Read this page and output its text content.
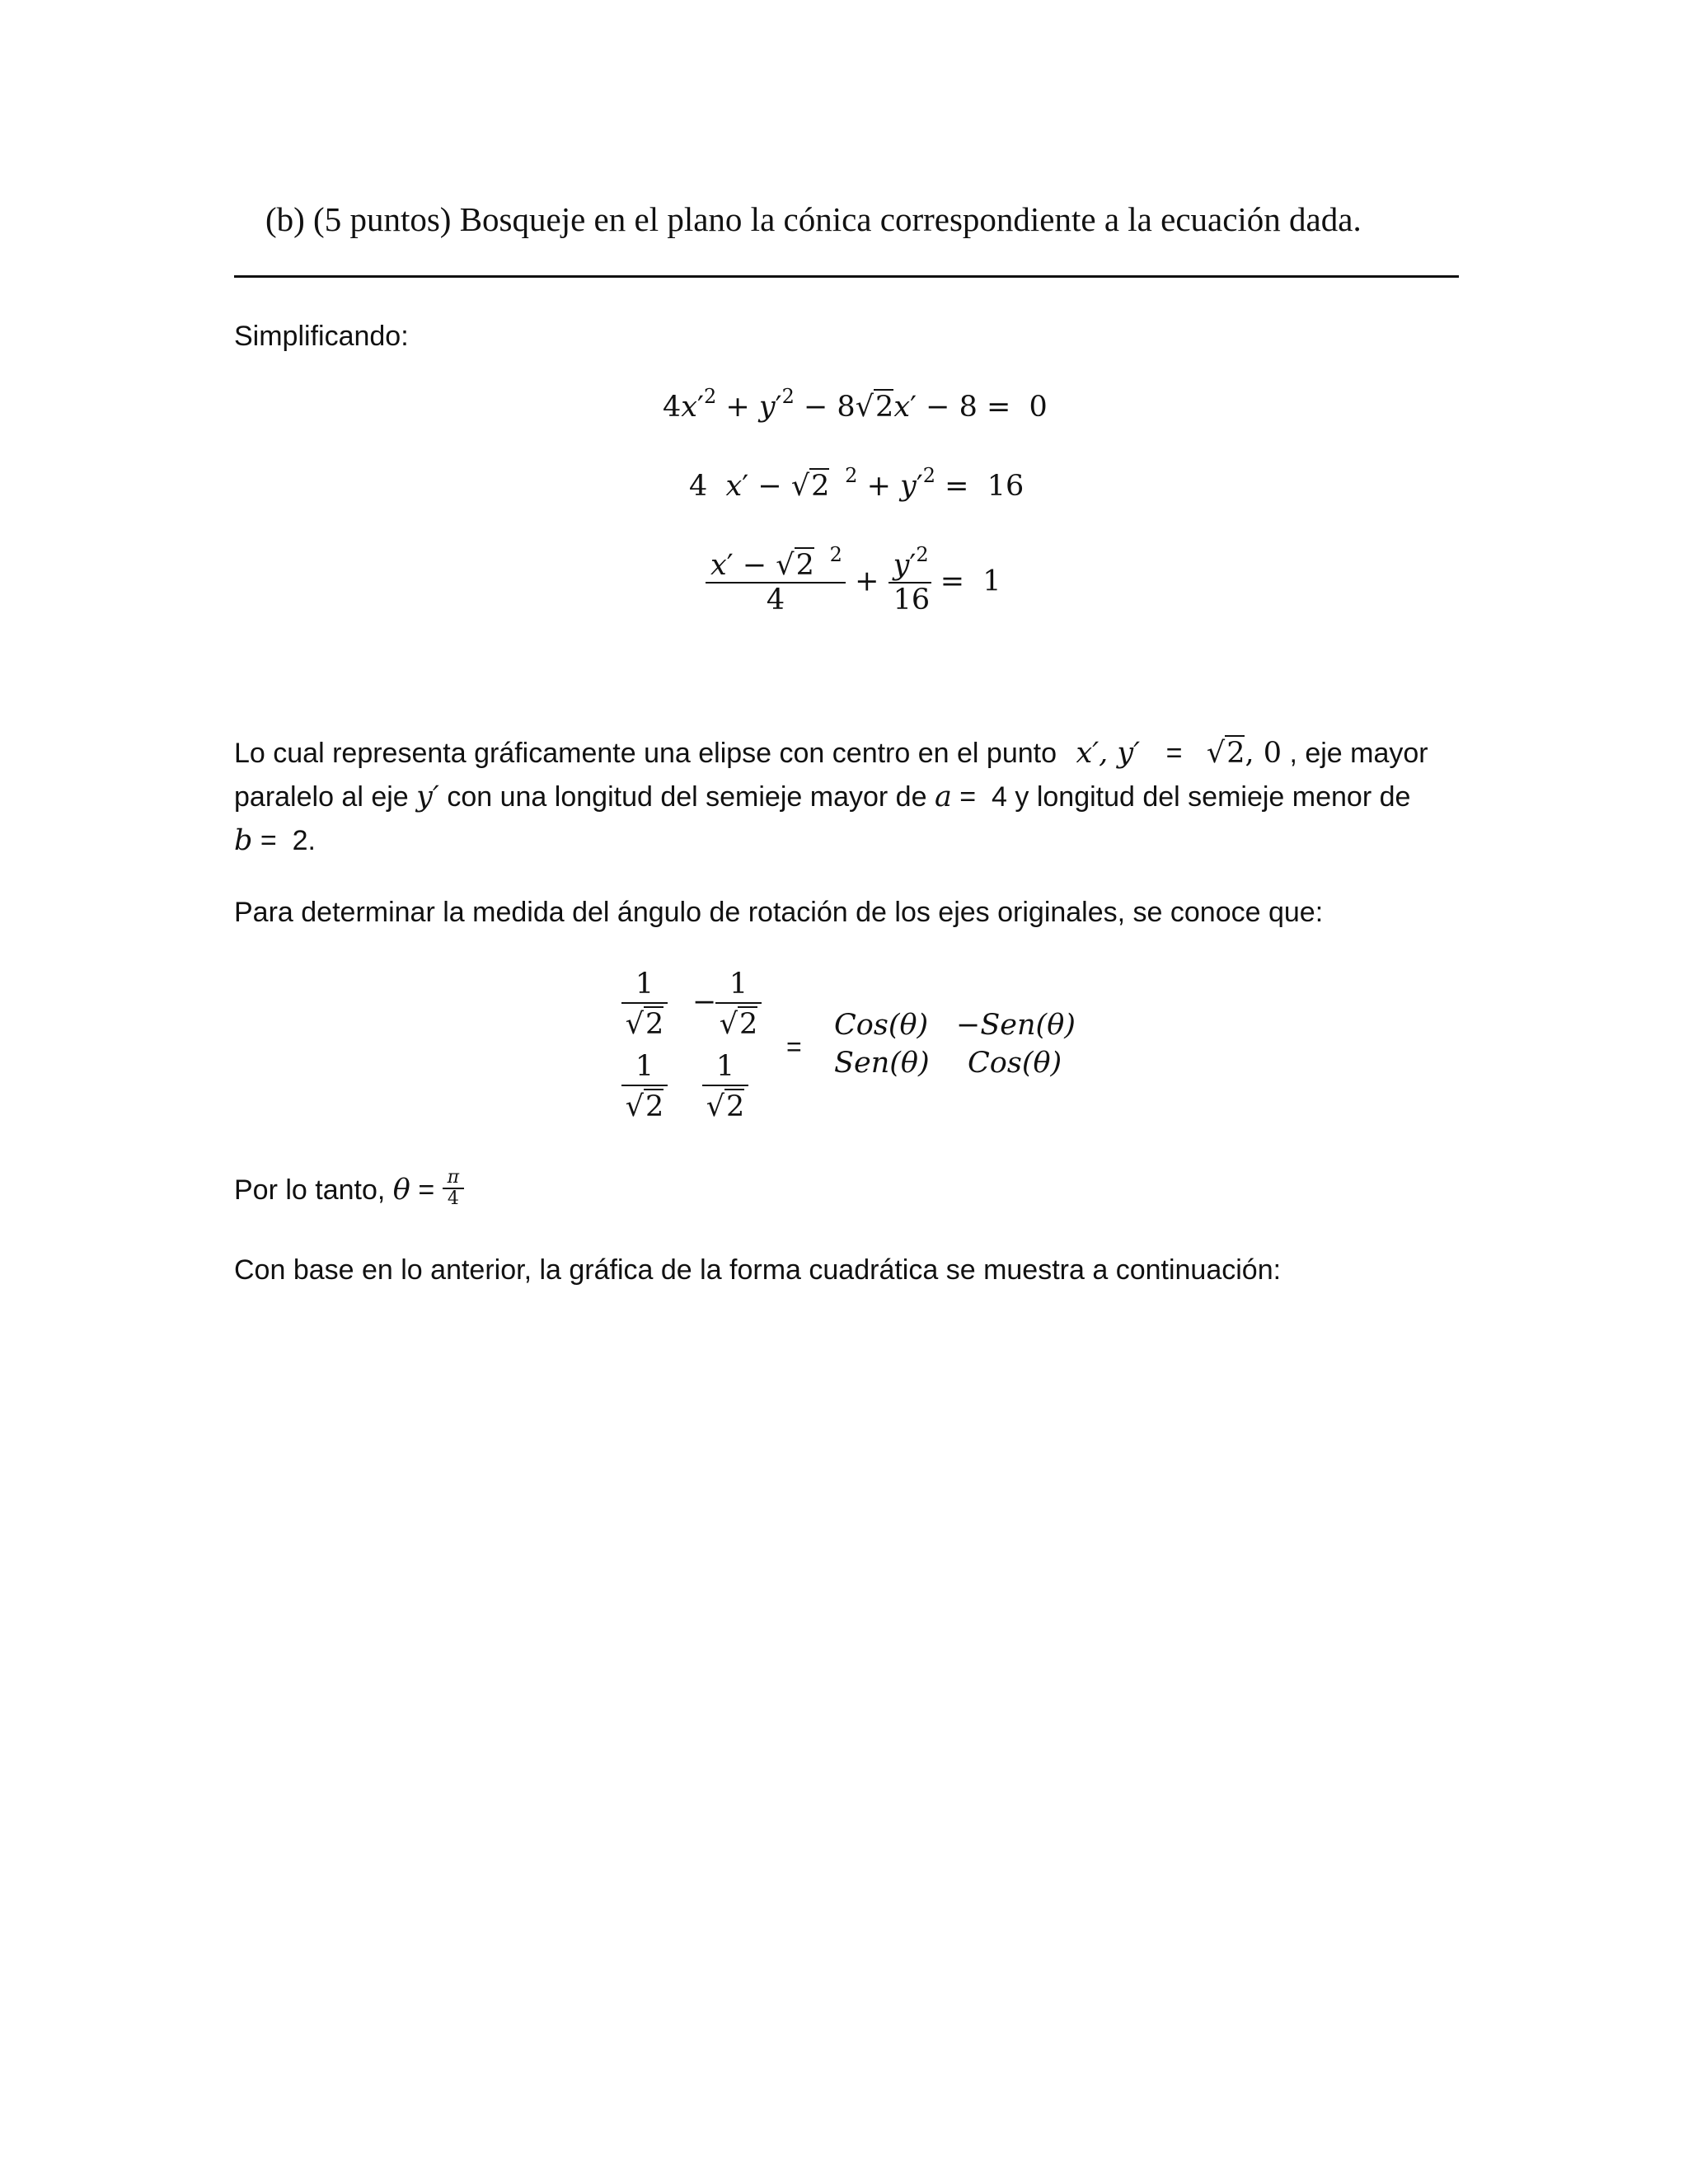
(b) (5 puntos) Bosqueje en el plano la cónica correspondiente a la ecuación dada.
Simplificando:
$4x'^2 + y'^2 - 8√2x' - 8 = 0$
4  x′ − √2  $^2 + y'^2 = 16$
$\frac{x' - √2 ^2}{4} + \frac{y'^2}{16} = 1$
Lo cual representa gráficamente una elipse con centro en el punto x′, y′ = √2, 0 , eje mayor
paralelo al eje y′ con una longitud del semieje mayor de a =  4 y longitud del semieje menor de
b =  2.
Para determinar la medida del ángulo de rotación de los ejes originales, se conoce que:
1
√2
−
1
√2
1
√2
1
√2
=
Cos(θ) −Sen(θ)
Sen(θ) Cos(θ)
Por lo tanto, $\theta = \frac{\pi}{4}$
Con base en lo anterior, la gráfica de la forma cuadrática se muestra a continuación:
